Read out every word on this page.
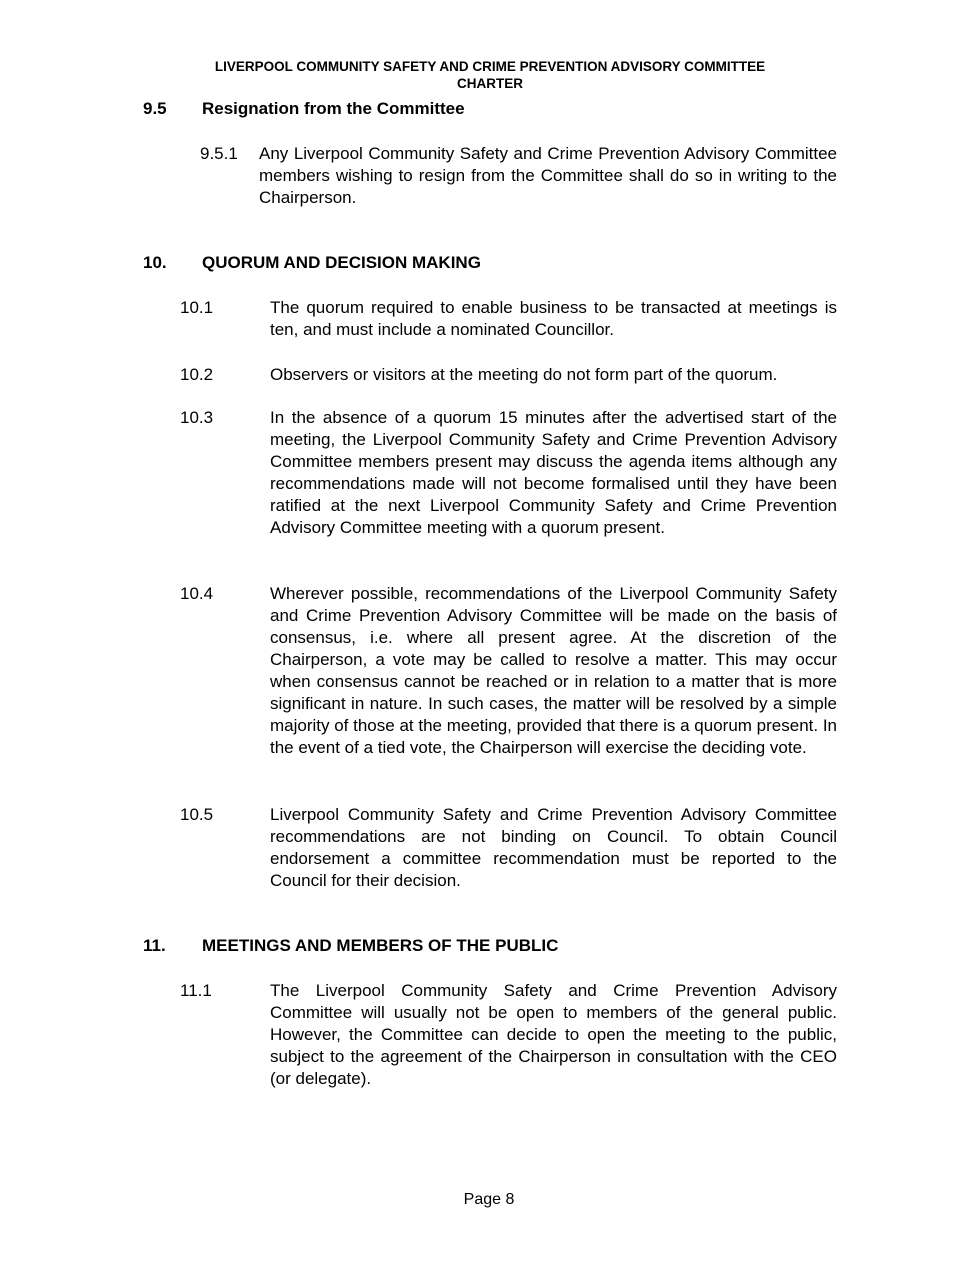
LIVERPOOL COMMUNITY SAFETY AND CRIME PREVENTION ADVISORY COMMITTEE
CHARTER
9.5 Resignation from the Committee
9.5.1 Any Liverpool Community Safety and Crime Prevention Advisory Committee members wishing to resign from the Committee shall do so in writing to the Chairperson.
10. QUORUM AND DECISION MAKING
10.1	The quorum required to enable business to be transacted at meetings is ten, and must include a nominated Councillor.
10.2	Observers or visitors at the meeting do not form part of the quorum.
10.3	In the absence of a quorum 15 minutes after the advertised start of the meeting, the Liverpool Community Safety and Crime Prevention Advisory Committee members present may discuss the agenda items although any recommendations made will not become formalised until they have been ratified at the next Liverpool Community Safety and Crime Prevention Advisory Committee meeting with a quorum present.
10.4	Wherever possible, recommendations of the Liverpool Community Safety and Crime Prevention Advisory Committee will be made on the basis of consensus, i.e. where all present agree. At the discretion of the Chairperson, a vote may be called to resolve a matter. This may occur when consensus cannot be reached or in relation to a matter that is more significant in nature. In such cases, the matter will be resolved by a simple majority of those at the meeting, provided that there is a quorum present. In the event of a tied vote, the Chairperson will exercise the deciding vote.
10.5	Liverpool Community Safety and Crime Prevention Advisory Committee recommendations are not binding on Council. To obtain Council endorsement a committee recommendation must be reported to the Council for their decision.
11. MEETINGS AND MEMBERS OF THE PUBLIC
11.1	The Liverpool Community Safety and Crime Prevention Advisory Committee will usually not be open to members of the general public. However, the Committee can decide to open the meeting to the public, subject to the agreement of the Chairperson in consultation with the CEO (or delegate).
Page 8
